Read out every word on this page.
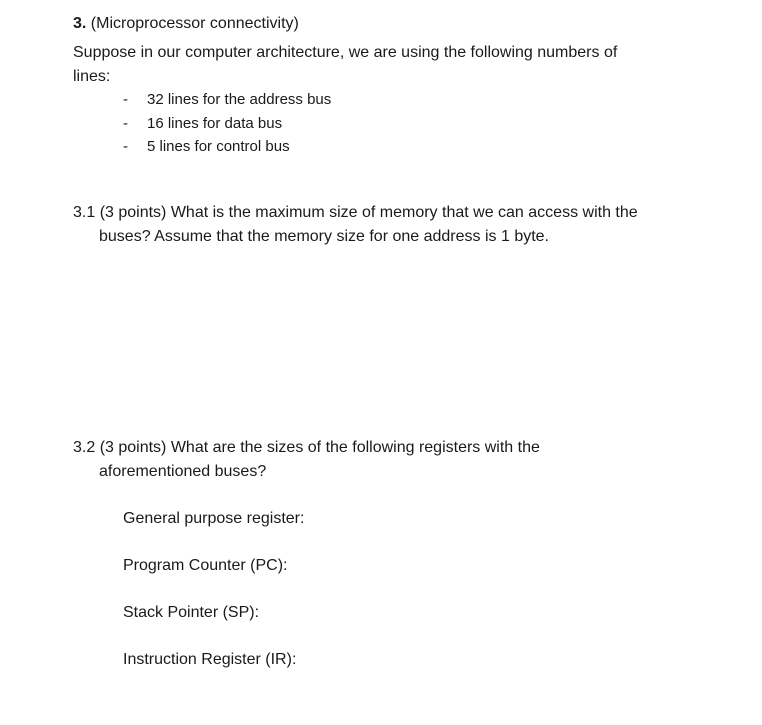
3. (Microprocessor connectivity)
Suppose in our computer architecture, we are using the following numbers of
lines:
- 32 lines for the address bus
- 16 lines for data bus
- 5 lines for control bus
3.1 (3 points) What is the maximum size of memory that we can access with the
buses? Assume that the memory size for one address is 1 byte.
3.2 (3 points) What are the sizes of the following registers with the
aforementioned buses?
General purpose register:
Program Counter (PC):
Stack Pointer (SP):
Instruction Register (IR):
